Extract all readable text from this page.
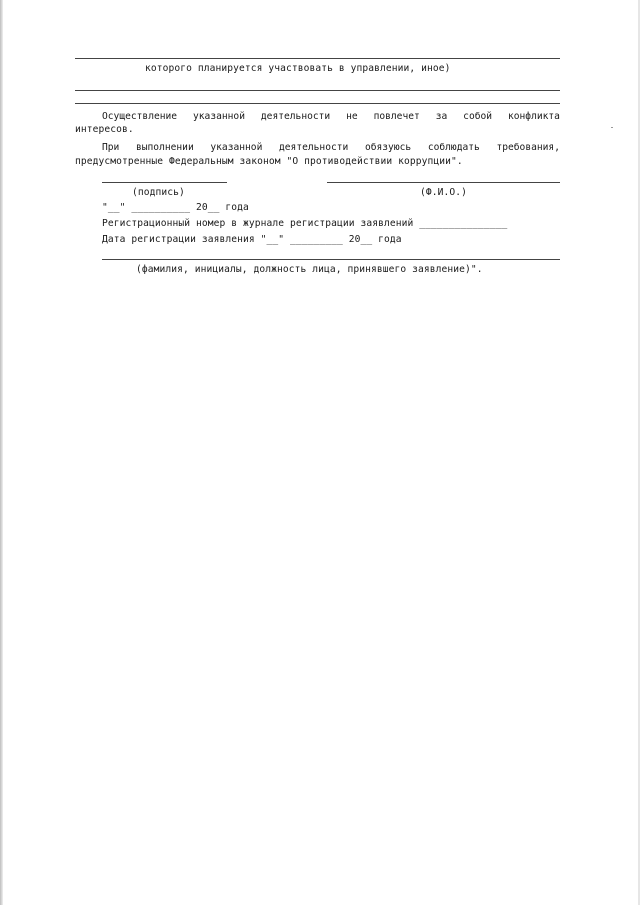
которого планируется участвовать в управлении, иное)
Осуществление указанной деятельности не повлечет за собой конфликта
интересов.
При выполнении указанной деятельности обязуюсь соблюдать требования,
предусмотренные Федеральным законом "О противодействии коррупции".
(подпись)	(Ф.И.О.)
"__" __________ 20__ года
Регистрационный номер в журнале регистрации заявлений _______________
Дата регистрации заявления "__" _________ 20__ года
(фамилия, инициалы, должность лица, принявшего заявление)".
